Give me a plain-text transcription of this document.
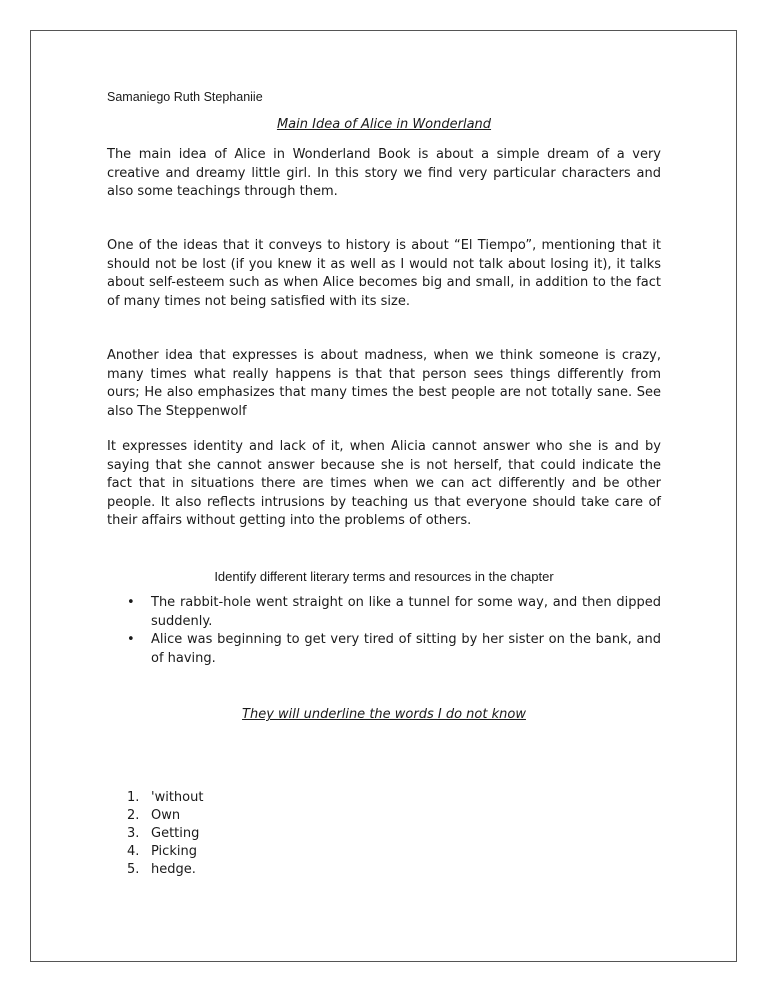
Samaniego Ruth Stephaniie
Main Idea of Alice in Wonderland

The main idea of Alice in Wonderland Book is about a simple dream of a very creative and dreamy little girl. In this story we find very particular characters and also some teachings through them.

One of the ideas that it conveys to history is about “El Tiempo”, mentioning that it should not be lost (if you knew it as well as I would not talk about losing it), it talks about self-esteem such as when Alice becomes big and small, in addition to the fact of many times not being satisfied with its size.

Another idea that expresses is about madness, when we think someone is crazy, many times what really happens is that that person sees things differently from ours; He also emphasizes that many times the best people are not totally sane. See also The Steppenwolf

It expresses identity and lack of it, when Alicia cannot answer who she is and by saying that she cannot answer because she is not herself, that could indicate the fact that in situations there are times when we can act differently and be other people. It also reflects intrusions by teaching us that everyone should take care of their affairs without getting into the problems of others.

Identify different literary terms and resources in the chapter
• The rabbit-hole went straight on like a tunnel for some way, and then dipped suddenly.
• Alice was beginning to get very tired of sitting by her sister on the bank, and of having.
They will underline the words I do not know
1. 'without
2. Own
3. Getting
4. Picking
5. hedge.
